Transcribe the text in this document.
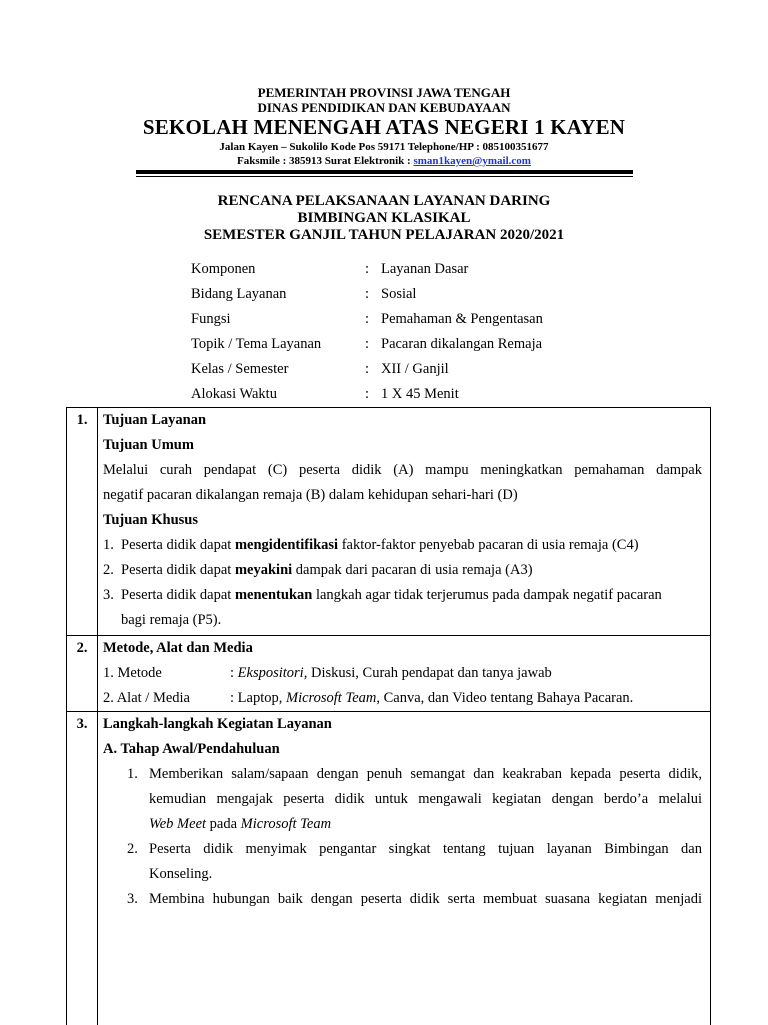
PEMERINTAH PROVINSI JAWA TENGAH
DINAS PENDIDIKAN DAN KEBUDAYAAN
SEKOLAH MENENGAH ATAS NEGERI 1 KAYEN
Jalan Kayen – Sukolilo Kode Pos 59171 Telephone/HP : 085100351677
Faksmile : 385913 Surat Elektronik : sman1kayen@ymail.com
RENCANA PELAKSANAAN LAYANAN DARING
BIMBINGAN KLASIKAL
SEMESTER GANJIL TAHUN PELAJARAN 2020/2021
Komponen	: Layanan Dasar
Bidang Layanan	: Sosial
Fungsi	: Pemahaman & Pengentasan
Topik / Tema Layanan	: Pacaran dikalangan Remaja
Kelas / Semester	: XII / Ganjil
Alokasi Waktu	: 1 X 45 Menit
1.	Tujuan Layanan
Tujuan Umum
Melalui curah pendapat (C) peserta didik (A) mampu meningkatkan pemahaman dampak
negatif pacaran dikalangan remaja (B) dalam kehidupan sehari-hari (D)
Tujuan Khusus
1. Peserta didik dapat mengidentifikasi faktor-faktor penyebab pacaran di usia remaja (C4)
2. Peserta didik dapat meyakini dampak dari pacaran di usia remaja (A3)
3. Peserta didik dapat menentukan langkah agar tidak terjerumus pada dampak negatif pacaran
bagi remaja (P5).
2.	Metode, Alat dan Media
1. Metode	: Ekspositori, Diskusi, Curah pendapat dan tanya jawab
2. Alat / Media	: Laptop, Microsoft Team, Canva, dan Video tentang Bahaya Pacaran.
3.	Langkah-langkah Kegiatan Layanan
A. Tahap Awal/Pendahuluan
1. Memberikan salam/sapaan dengan penuh semangat dan keakraban kepada peserta didik,
kemudian mengajak peserta didik untuk mengawali kegiatan dengan berdo’a melalui
Web Meet pada Microsoft Team
2. Peserta didik menyimak pengantar singkat tentang tujuan layanan Bimbingan dan
Konseling.
3. Membina hubungan baik dengan peserta didik serta membuat suasana kegiatan menjadi
